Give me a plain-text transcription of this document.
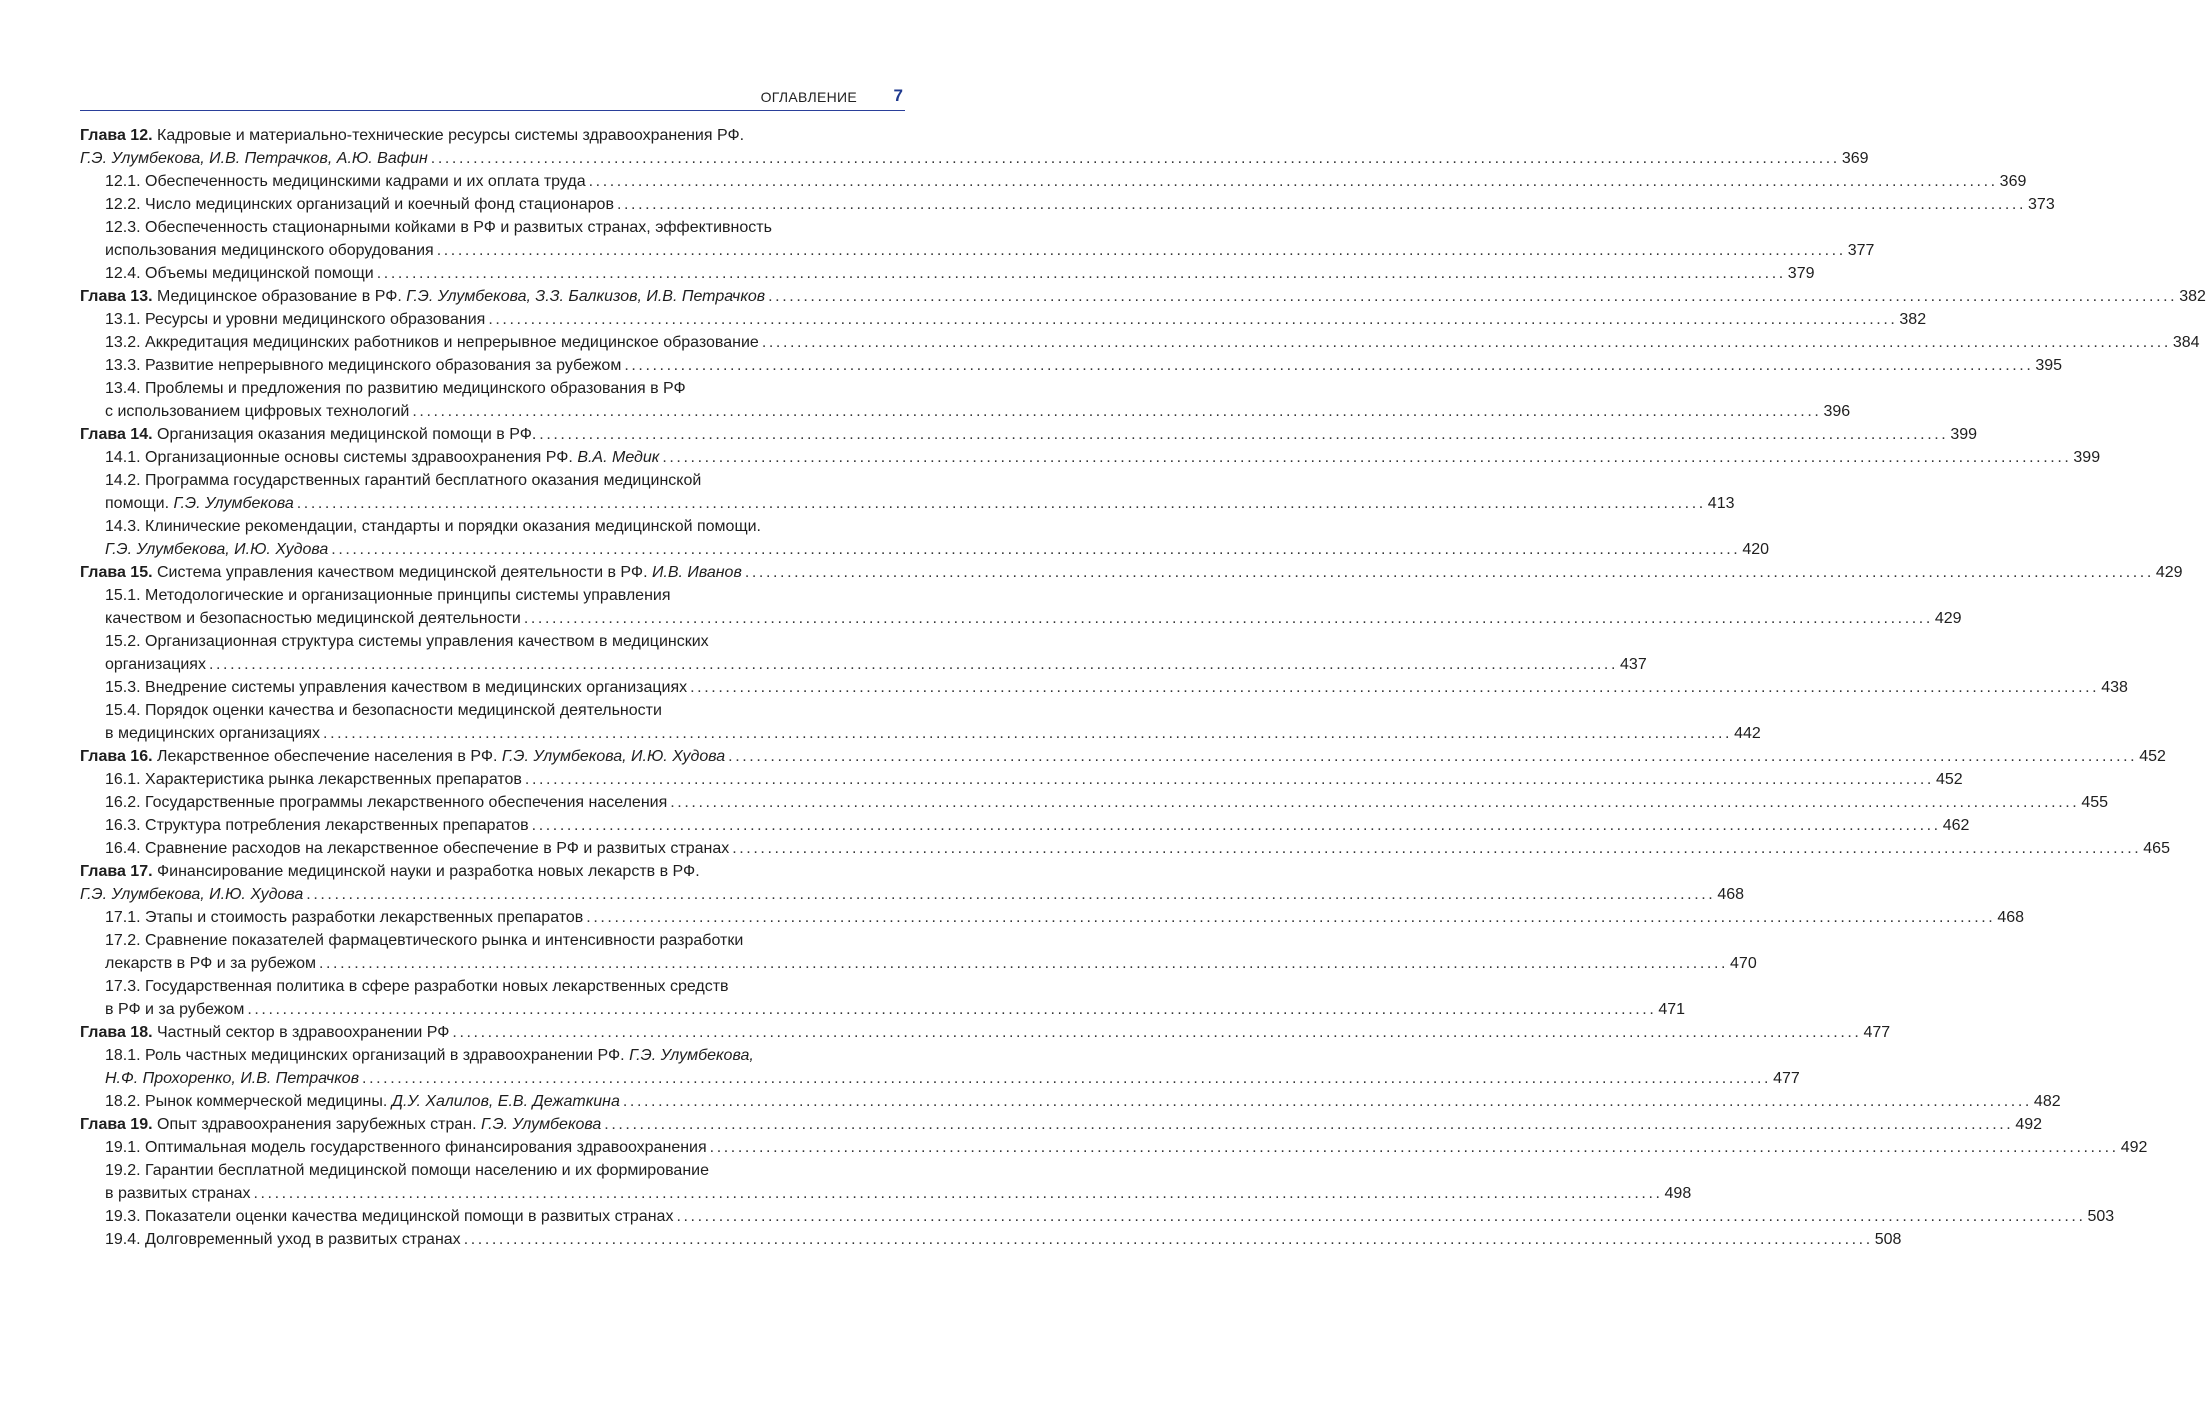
ОГЛАВЛЕНИЕ 7
Глава 12. Кадровые и материально-технические ресурсы системы здравоохранения РФ.
Г.Э. Улумбекова, И.В. Петрачков, А.Ю. Вафин ........................................................................................................................................................................................................ 369
12.1. Обеспеченность медицинскими кадрами и их оплата труда ........................................................................................................................................................................................................ 369
12.2. Число медицинских организаций и коечный фонд стационаров ........................................................................................................................................................................................................ 373
12.3. Обеспеченность стационарными койками в РФ и развитых странах, эффективность
использования медицинского оборудования ........................................................................................................................................................................................................ 377
12.4. Объемы медицинской помощи ........................................................................................................................................................................................................ 379
Глава 13. Медицинское образование в РФ. Г.Э. Улумбекова, З.З. Балкизов, И.В. Петрачков ........................................................................................................................................................................................................ 382
13.1. Ресурсы и уровни медицинского образования ........................................................................................................................................................................................................ 382
13.2. Аккредитация медицинских работников и непрерывное медицинское образование ........................................................................................................................................................................................................ 384
13.3. Развитие непрерывного медицинского образования за рубежом ........................................................................................................................................................................................................ 395
13.4. Проблемы и предложения по развитию медицинского образования в РФ
с использованием цифровых технологий ........................................................................................................................................................................................................ 396
Глава 14. Организация оказания медицинской помощи в РФ. ........................................................................................................................................................................................................ 399
14.1. Организационные основы системы здравоохранения РФ. В.А. Медик ........................................................................................................................................................................................................ 399
14.2. Программа государственных гарантий бесплатного оказания медицинской
помощи. Г.Э. Улумбекова ........................................................................................................................................................................................................ 413
14.3. Клинические рекомендации, стандарты и порядки оказания медицинской помощи.
Г.Э. Улумбекова, И.Ю. Худова ........................................................................................................................................................................................................ 420
Глава 15. Система управления качеством медицинской деятельности в РФ. И.В. Иванов ........................................................................................................................................................................................................ 429
15.1. Методологические и организационные принципы системы управления
качеством и безопасностью медицинской деятельности ........................................................................................................................................................................................................ 429
15.2. Организационная структура системы управления качеством в медицинских
организациях ........................................................................................................................................................................................................ 437
15.3. Внедрение системы управления качеством в медицинских организациях ........................................................................................................................................................................................................ 438
15.4. Порядок оценки качества и безопасности медицинской деятельности
в медицинских организациях ........................................................................................................................................................................................................ 442
Глава 16. Лекарственное обеспечение населения в РФ. Г.Э. Улумбекова, И.Ю. Худова ........................................................................................................................................................................................................ 452
16.1. Характеристика рынка лекарственных препаратов ........................................................................................................................................................................................................ 452
16.2. Государственные программы лекарственного обеспечения населения ........................................................................................................................................................................................................ 455
16.3. Структура потребления лекарственных препаратов ........................................................................................................................................................................................................ 462
16.4. Сравнение расходов на лекарственное обеспечение в РФ и развитых странах ........................................................................................................................................................................................................ 465
Глава 17. Финансирование медицинской науки и разработка новых лекарств в РФ.
Г.Э. Улумбекова, И.Ю. Худова ........................................................................................................................................................................................................ 468
17.1. Этапы и стоимость разработки лекарственных препаратов ........................................................................................................................................................................................................ 468
17.2. Сравнение показателей фармацевтического рынка и интенсивности разработки
лекарств в РФ и за рубежом ........................................................................................................................................................................................................ 470
17.3. Государственная политика в сфере разработки новых лекарственных средств
в РФ и за рубежом ........................................................................................................................................................................................................ 471
Глава 18. Частный сектор в здравоохранении РФ ........................................................................................................................................................................................................ 477
18.1. Роль частных медицинских организаций в здравоохранении РФ. Г.Э. Улумбекова,
Н.Ф. Прохоренко, И.В. Петрачков ........................................................................................................................................................................................................ 477
18.2. Рынок коммерческой медицины. Д.У. Халилов, Е.В. Дежаткина ........................................................................................................................................................................................................ 482
Глава 19. Опыт здравоохранения зарубежных стран. Г.Э. Улумбекова ........................................................................................................................................................................................................ 492
19.1. Оптимальная модель государственного финансирования здравоохранения ........................................................................................................................................................................................................ 492
19.2. Гарантии бесплатной медицинской помощи населению и их формирование
в развитых странах ........................................................................................................................................................................................................ 498
19.3. Показатели оценки качества медицинской помощи в развитых странах ........................................................................................................................................................................................................ 503
19.4. Долговременный уход в развитых странах ........................................................................................................................................................................................................ 508
